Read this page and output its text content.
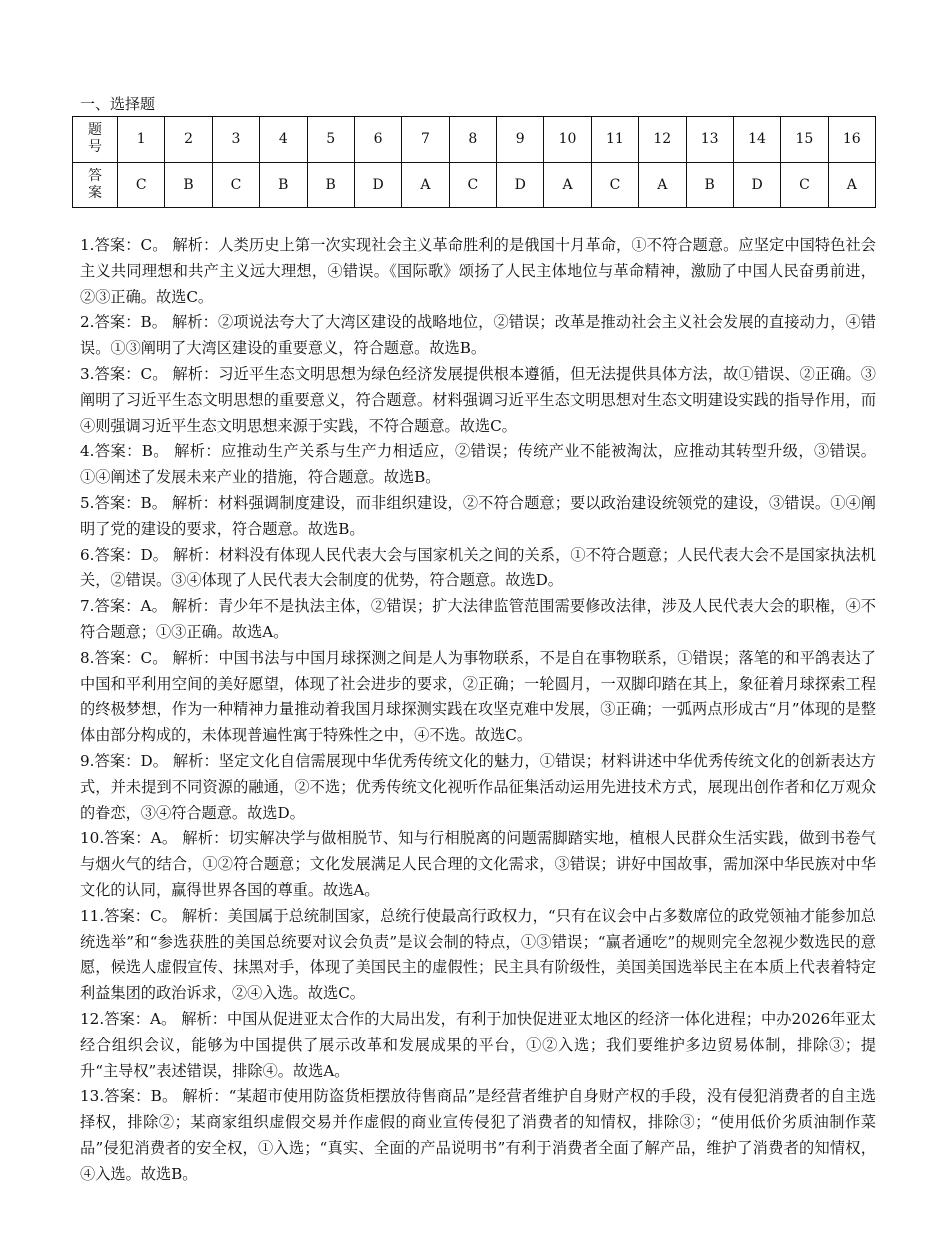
一、选择题
题
号	1	2	3	4	5	6	7	8	9	10	11	12	13	14	15	16
答
案	C	B	C	B	B	D	A	C	D	A	C	A	B	D	C	A

1.答案：C。 解析：人类历史上第一次实现社会主义革命胜利的是俄国十月革命，①不符合题意。应坚定中国特色社会主义共同理想和共产主义远大理想，④错误。《国际歌》颂扬了人民主体地位与革命精神，激励了中国人民奋勇前进，②③正确。故选C。

2.答案：B。 解析：②项说法夸大了大湾区建设的战略地位，②错误；改革是推动社会主义社会发展的直接动力，④错误。①③阐明了大湾区建设的重要意义，符合题意。故选B。

3.答案：C。 解析：习近平生态文明思想为绿色经济发展提供根本遵循，但无法提供具体方法，故①错误、②正确。③阐明了习近平生态文明思想的重要意义，符合题意。材料强调习近平生态文明思想对生态文明建设实践的指导作用，而④则强调习近平生态文明思想来源于实践，不符合题意。故选C。

4.答案：B。 解析：应推动生产关系与生产力相适应，②错误；传统产业不能被淘汰，应推动其转型升级，③错误。①④阐述了发展未来产业的措施，符合题意。故选B。

5.答案：B。 解析：材料强调制度建设，而非组织建设，②不符合题意；要以政治建设统领党的建设，③错误。①④阐明了党的建设的要求，符合题意。故选B。

6.答案：D。 解析：材料没有体现人民代表大会与国家机关之间的关系，①不符合题意；人民代表大会不是国家执法机关，②错误。③④体现了人民代表大会制度的优势，符合题意。故选D。

7.答案：A。 解析：青少年不是执法主体，②错误；扩大法律监管范围需要修改法律，涉及人民代表大会的职権，④不符合题意；①③正确。故选A。

8.答案：C。 解析：中国书法与中国月球探测之间是人为事物联系，不是自在事物联系，①错误；落笔的和平鸽表达了中国和平利用空间的美好愿望，体现了社会进步的要求，②正确；一轮圆月，一双脚印踏在其上，象征着月球探索工程的终极梦想，作为一种精神力量推动着我国月球探测实践在攻坚克难中发展，③正确；一弧两点形成古“月”体现的是整体由部分构成的，未体现普遍性寓于特殊性之中，④不选。故选C。

9.答案：D。 解析：坚定文化自信需展现中华优秀传统文化的魅力，①错误；材料讲述中华优秀传统文化的创新表达方式，并未提到不同资源的融通，②不选；优秀传统文化视听作品征集活动运用先进技术方式，展现出创作者和亿万观众的眷恋，③④符合题意。故选D。

10.答案：A。 解析：切实解决学与做相脱节、知与行相脱离的问题需脚踏实地，植根人民群众生活实践，做到书卷气与烟火气的结合，①②符合题意；文化发展满足人民合理的文化需求，③错误；讲好中国故事，需加深中华民族对中华文化的认同，赢得世界各国的尊重。故选A。

11.答案：C。 解析：美国属于总统制国家，总统行使最高行政权力，“只有在议会中占多数席位的政党领袖才能参加总统选举”和“参选获胜的美国总统要对议会负责”是议会制的特点，①③错误；“赢者通吃”的规则完全忽视少数选民的意愿，候选人虚假宣传、抹黑对手，体现了美国民主的虚假性；民主具有阶级性，美国美国选举民主在本质上代表着特定利益集团的政治诉求，②④入选。故选C。

12.答案：A。 解析：中国从促进亚太合作的大局出发，有利于加快促进亚太地区的经济一体化进程；中办2026年亚太经合组织会议，能够为中国提供了展示改革和发展成果的平台，①②入选；我们要维护多边贸易体制，排除③；提升“主导权”表述错误，排除④。故选A。

13.答案：B。 解析：“某超市使用防盗货柜摆放待售商品”是经营者维护自身财产权的手段，没有侵犯消费者的自主选择权，排除②；某商家组织虚假交易并作虚假的商业宣传侵犯了消费者的知情权，排除③；“使用低价劣质油制作菜品”侵犯消费者的安全权，①入选；“真实、全面的产品说明书”有利于消费者全面了解产品，维护了消费者的知情权，④入选。故选B。
